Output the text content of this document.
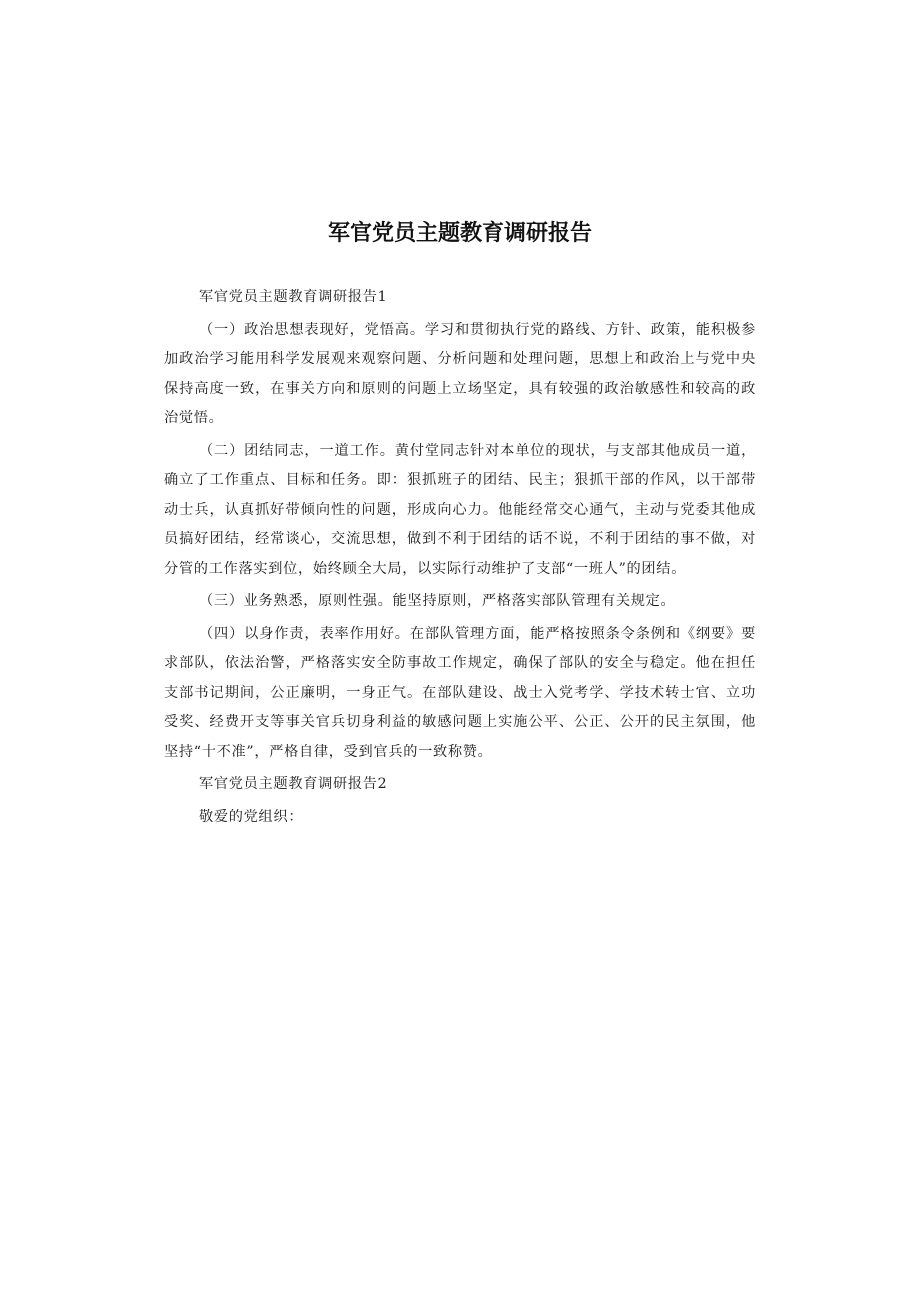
军官党员主题教育调研报告

军官党员主题教育调研报告1

（一）政治思想表现好，党悟高。学习和贯彻执行党的路线、方针、政策，能积极参加政治学习能用科学发展观来观察问题、分析问题和处理问题，思想上和政治上与党中央保持高度一致，在事关方向和原则的问题上立场坚定，具有较强的政治敏感性和较高的政治觉悟。

（二）团结同志，一道工作。黄付堂同志针对本单位的现状，与支部其他成员一道，确立了工作重点、目标和任务。即：狠抓班子的团结、民主；狠抓干部的作风，以干部带动士兵，认真抓好带倾向性的问题，形成向心力。他能经常交心通气，主动与党委其他成员搞好团结，经常谈心，交流思想，做到不利于团结的话不说，不利于团结的事不做，对分管的工作落实到位，始终顾全大局，以实际行动维护了支部“一班人”的团结。

（三）业务熟悉，原则性强。能坚持原则，严格落实部队管理有关规定。

（四）以身作责，表率作用好。在部队管理方面，能严格按照条令条例和《纲要》要求部队，依法治警，严格落实安全防事故工作规定，确保了部队的安全与稳定。他在担任支部书记期间，公正廉明，一身正气。在部队建设、战士入党考学、学技术转士官、立功受奖、经费开支等事关官兵切身利益的敏感问题上实施公平、公正、公开的民主氛围，他坚持“十不准”，严格自律，受到官兵的一致称赞。

军官党员主题教育调研报告2

敬爱的党组织：
